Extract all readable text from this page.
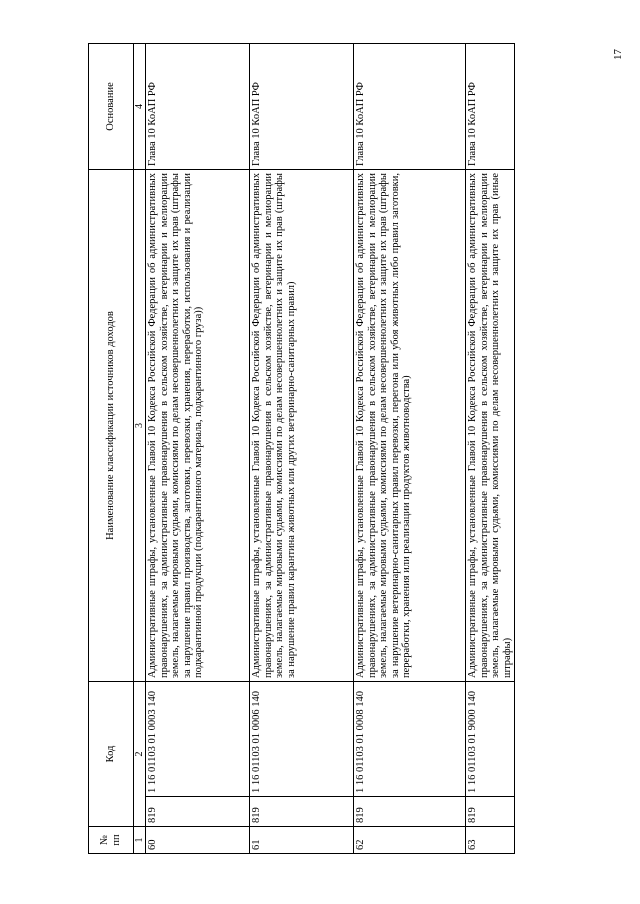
17
№ пп	Код		Наименование классификации источников доходов	Основание
1	2		3	4
60	819	1 16 01103 01 0003 140	Административные штрафы, установленные Главой 10 Кодекса Российской Федерации об административных правонарушениях, за административные правонарушения в сельском хозяйстве, ветеринарии и мелиорации земель, налагаемые мировыми судьями, комиссиями по делам несовершеннолетних и защите их прав (штрафы за нарушение правил производства, заготовки, перевозки, хранения, переработки, использования и реализации подкарантинной продукции (подкарантинного материала, подкарантинного груза))	Глава 10 КоАП РФ
61	819	1 16 01103 01 0006 140	Административные штрафы, установленные Главой 10 Кодекса Российской Федерации об административных правонарушениях, за административные правонарушения в сельском хозяйстве, ветеринарии и мелиорации земель, налагаемые мировыми судьями, комиссиями по делам несовершеннолетних и защите их прав (штрафы за нарушение правил карантина животных или других ветеринарно-санитарных правил)	Глава 10 КоАП РФ
62	819	1 16 01103 01 0008 140	Административные штрафы, установленные Главой 10 Кодекса Российской Федерации об административных правонарушениях, за административные правонарушения в сельском хозяйстве, ветеринарии и мелиорации земель, налагаемые мировыми судьями, комиссиями по делам несовершеннолетних и защите их прав (штрафы за нарушение ветеринарно-санитарных правил перевозки, перегона или убоя животных либо правил заготовки, переработки, хранения или реализации продуктов животноводства)	Глава 10 КоАП РФ
63	819	1 16 01103 01 9000 140	Административные штрафы, установленные Главой 10 Кодекса Российской Федерации об административных правонарушениях, за административные правонарушения в сельском хозяйстве, ветеринарии и мелиорации земель, налагаемые мировыми судьями, комиссиями по делам несовершеннолетних и защите их прав (иные штрафы)	Глава 10 КоАП РФ
